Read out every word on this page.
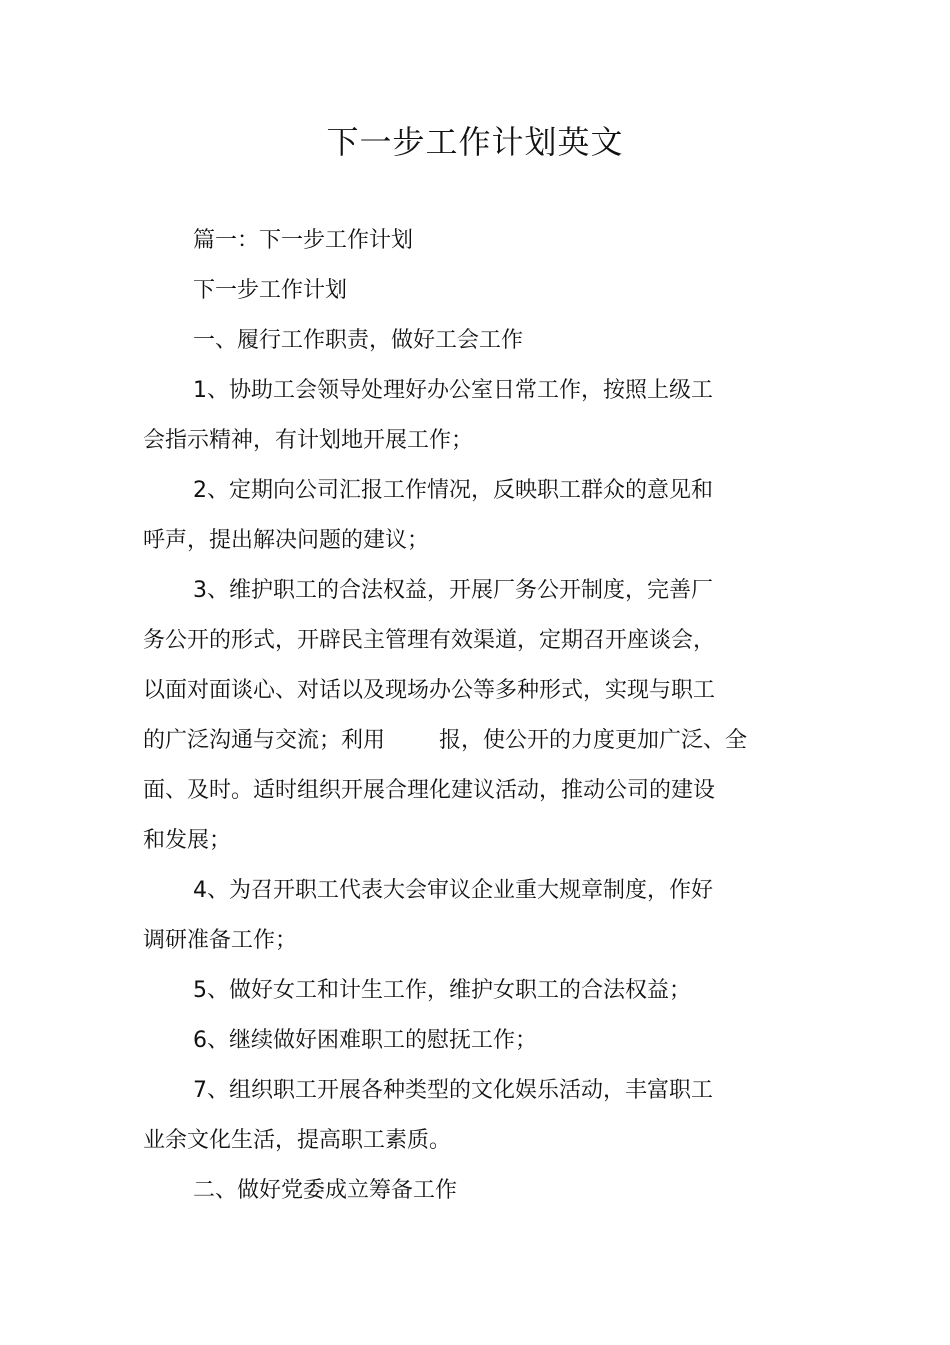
下一步工作计划英文
篇一：下一步工作计划
下一步工作计划
一、履行工作职责，做好工会工作
1、协助工会领导处理好办公室日常工作，按照上级工
会指示精神，有计划地开展工作；
2、定期向公司汇报工作情况，反映职工群众的意见和
呼声，提出解决问题的建议；
3、维护职工的合法权益，开展厂务公开制度，完善厂
务公开的形式，开辟民主管理有效渠道，定期召开座谈会，
以面对面谈心、对话以及现场办公等多种形式，实现与职工
的广泛沟通与交流；利用 报，使公开的力度更加广泛、全
面、及时。适时组织开展合理化建议活动，推动公司的建设
和发展；
4、为召开职工代表大会审议企业重大规章制度，作好
调研准备工作；
5、做好女工和计生工作，维护女职工的合法权益；
6、继续做好困难职工的慰抚工作；
7、组织职工开展各种类型的文化娱乐活动，丰富职工
业余文化生活，提高职工素质。
二、做好党委成立筹备工作
